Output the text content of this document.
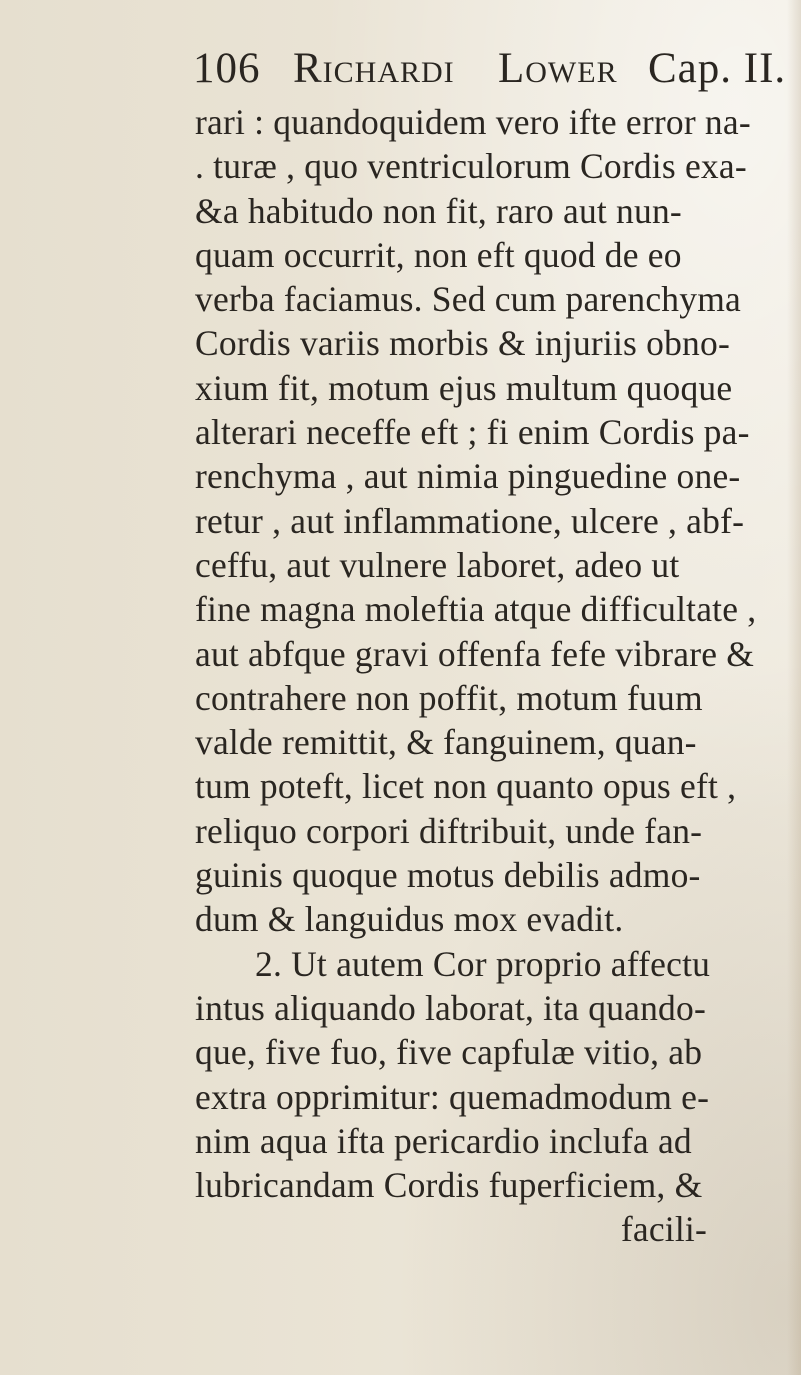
106 Richardi Lower Cap. II.
rari : quandoquidem vero ifte error na-
. turæ , quo ventriculorum Cordis exa-
&a habitudo non fit, raro aut nun-
quam occurrit, non eft quod de eo
verba faciamus. Sed cum parenchyma
Cordis variis morbis & injuriis obno-
xium fit, motum ejus multum quoque
alterari neceffe eft ; fi enim Cordis pa-
renchyma , aut nimia pinguedine one-
retur , aut inflammatione, ulcere , abf-
ceffu, aut vulnere laboret, adeo ut
fine magna moleftia atque difficultate ,
aut abfque gravi offenfa fefe vibrare &
contrahere non poffit, motum fuum
valde remittit, & fanguinem, quan-
tum poteft, licet non quanto opus eft ,
reliquo corpori diftribuit, unde fan-
guinis quoque motus debilis admo-
dum & languidus mox evadit.
2. Ut autem Cor proprio affectu
intus aliquando laborat, ita quando-
que, five fuo, five capfulæ vitio, ab
extra opprimitur: quemadmodum e-
nim aqua ifta pericardio inclufa ad
lubricandam Cordis fuperficiem, &
facili-
